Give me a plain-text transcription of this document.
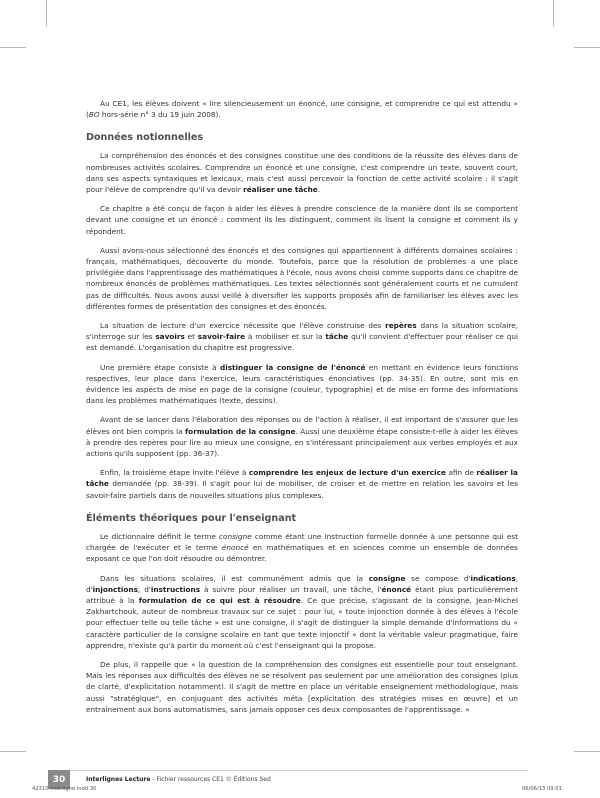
Au CE1, les élèves doivent « lire silencieusement un énoncé, une consigne, et comprendre ce qui est attendu » (BO hors-série n° 3 du 19 juin 2008).

Données notionnelles

La compréhension des énoncés et des consignes constitue une des conditions de la réussite des élèves dans de nombreuses activités scolaires. Comprendre un énoncé et une consigne, c'est comprendre un texte, souvent court, dans ses aspects syntaxiques et lexicaux, mais c'est aussi percevoir la fonction de cette activité scolaire : il s'agit pour l'élève de comprendre qu'il va devoir réaliser une tâche.

Ce chapitre a été conçu de façon à aider les élèves à prendre conscience de la manière dont ils se comportent devant une consigne et un énoncé : comment ils les distinguent, comment ils lisent la consigne et comment ils y répondent.

Aussi avons-nous sélectionné des énoncés et des consignes qui appartiennent à différents domaines scolaires : français, mathématiques, découverte du monde. Toutefois, parce que la résolution de problèmes a une place privilégiée dans l'apprentissage des mathématiques à l'école, nous avons choisi comme supports dans ce chapitre de nombreux énoncés de problèmes mathématiques. Les textes sélectionnés sont généralement courts et ne cumulent pas de difficultés. Nous avons aussi veillé à diversifier les supports proposés afin de familiariser les élèves avec les différentes formes de présentation des consignes et des énoncés.

La situation de lecture d'un exercice nécessite que l'élève construise des repères dans la situation scolaire, s'interroge sur les savoirs et savoir-faire à mobiliser et sur la tâche qu'il convient d'effectuer pour réaliser ce qui est demandé. L'organisation du chapitre est progressive.

Une première étape consiste à distinguer la consigne de l'énoncé en mettant en évidence leurs fonctions respectives, leur place dans l'exercice, leurs caractéristiques énonciatives (pp. 34-35). En outre, sont mis en évidence les aspects de mise en page de la consigne (couleur, typographie) et de mise en forme des informations dans les problèmes mathématiques (texte, dessins).

Avant de se lancer dans l'élaboration des réponses ou de l'action à réaliser, il est important de s'assurer que les élèves ont bien compris la formulation de la consigne. Aussi une deuxième étape consiste-t-elle à aider les élèves à prendre des repères pour lire au mieux une consigne, en s'intéressant principalement aux verbes employés et aux actions qu'ils supposent (pp. 36-37).

Enfin, la troisième étape invite l'élève à comprendre les enjeux de lecture d'un exercice afin de réaliser la tâche demandée (pp. 38-39). Il s'agit pour lui de mobiliser, de croiser et de mettre en relation les savoirs et les savoir-faire partiels dans de nouvelles situations plus complexes.

Éléments théoriques pour l'enseignant

Le dictionnaire définit le terme consigne comme étant une instruction formelle donnée à une personne qui est chargée de l'exécuter et le terme énoncé en mathématiques et en sciences comme un ensemble de données exposant ce que l'on doit résoudre ou démontrer.

Dans les situations scolaires, il est communément admis que la consigne se compose d'indications, d'injonctions, d'instructions à suivre pour réaliser un travail, une tâche, l'énoncé étant plus particulièrement attribué à la formulation de ce qui est à résoudre. Ce que précise, s'agissant de la consigne, Jean-Michel Zakhartchouk, auteur de nombreux travaux sur ce sujet : pour lui, « toute injonction donnée à des élèves à l'école pour effectuer telle ou telle tâche » est une consigne, il s'agit de distinguer la simple demande d'informations du « caractère particulier de la consigne scolaire en tant que texte injonctif » dont la véritable valeur pragmatique, faire apprendre, n'existe qu'à partir du moment où c'est l'enseignant qui la propose.

De plus, il rappelle que « la question de la compréhension des consignes est essentielle pour tout enseignant. Mais les réponses aux difficultés des élèves ne se résolvent pas seulement par une amélioration des consignes (plus de clarté, d'explicitation notamment). Il s'agit de mettre en place un véritable enseignement méthodologique, mais aussi "stratégique", en conjuguant des activités méta [explicitation des stratégies mises en œuvre] et un entraînement aux bons automatismes, sans jamais opposer ces deux composantes de l'apprentissage. »

30	Interlignes Lecture - Fichier ressources CE1 © Éditions Sed
42310-interligne.indd 30	06/06/13 09:01
